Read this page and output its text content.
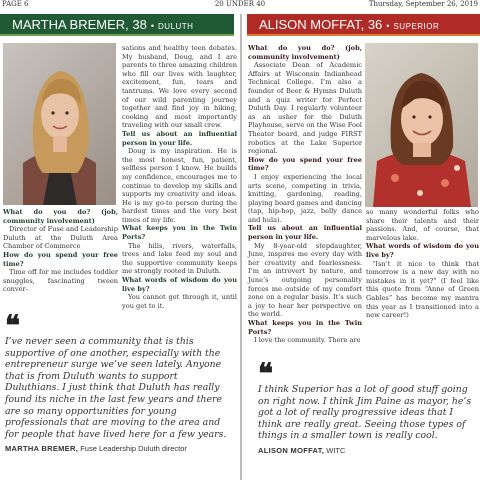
PAGE 6	20 UNDER 40	Thursday, September 26, 2019
MARTHA BREMER, 38 • DULUTH	ALISON MOFFAT, 36 • SUPERIOR

What do you do? (job, community involvement)

Director of Fuse and Leadership Duluth at the Duluth Area Chamber of Commerce

How do you spend your free time?

Time off for me includes toddler snuggles, fascinating tween conver-

sations and healthy teen debates. My husband, Doug, and I are parents to three amazing children who fill our lives with laughter, excitement, fun, tears and tantrums. We love every second of our wild parenting journey together and find joy in hiking, cooking and most importantly traveling with our small crew.

Tell us about an influential person in your life.

Doug is my inspiration. He is the most honest, fun, patient, selfless person I know. He builds my confidence, encourages me to continue to develop my skills and supports my creativity and ideas. He is my go-to person during the hardest times and the very best times of my life.

What keeps you in the Twin Ports?

The hills, rivers, waterfalls, trees and lake feed my soul and the supportive community keeps me strongly rooted in Duluth.

What words of wisdom do you live by?

You cannot get through it, until you get to it.

What do you do? (job, community involvement)

Associate Dean of Academic Affairs at Wisconsin Indianhead Technical College. I’m also a founder of Beer & Hymns Duluth and a quiz writer for Perfect Duluth Day. I regularly volunteer as an usher for the Duluth Playhouse, serve on the Wise Fool Theater board, and judge FIRST robotics at the Lake Superior regional.

How do you spend your free time?

I enjoy experiencing the local arts scene, competing in trivia, knitting, gardening, reading, playing board games and dancing (tap, hip-hop, jazz, belly dance and hula).

Tell us about an influential person in your life.

My 8-year-old stepdaughter, June, inspires me every day with her creativity and fearlessness. I’m an introvert by nature, and June’s outgoing personality forces me outside of my comfort zone on a regular basis. It’s such a joy to hear her perspective on the world.

What keeps you in the Twin Ports?

I love the community. There are

so many wonderful folks who share their talents and their passions. And, of course, that marvelous lake.

What words of wisdom do you live by?

“Isn’t it nice to think that tomorrow is a new day with no mistakes in it yet?” (I feel like this quote from “Anne of Green Gables” has become my mantra this year as I transitioned into a new career!)

❝
I’ve never seen a community that is this supportive of one another, especially with the entrepreneur surge we’ve seen lately. Anyone that is from Duluth wants to support Duluthians. I just think that Duluth has really found its niche in the last few years and there are so many opportunities for young professionals that are moving to the area and for people that have lived here for a few years.
MARTHA BREMER, Fuse Leadership Duluth director
❝
I think Superior has a lot of good stuff going on right now. I think Jim Paine as mayor, he’s got a lot of really progressive ideas that I think are really great. Seeing those types of things in a smaller town is really cool.
ALISON MOFFAT, WITC
